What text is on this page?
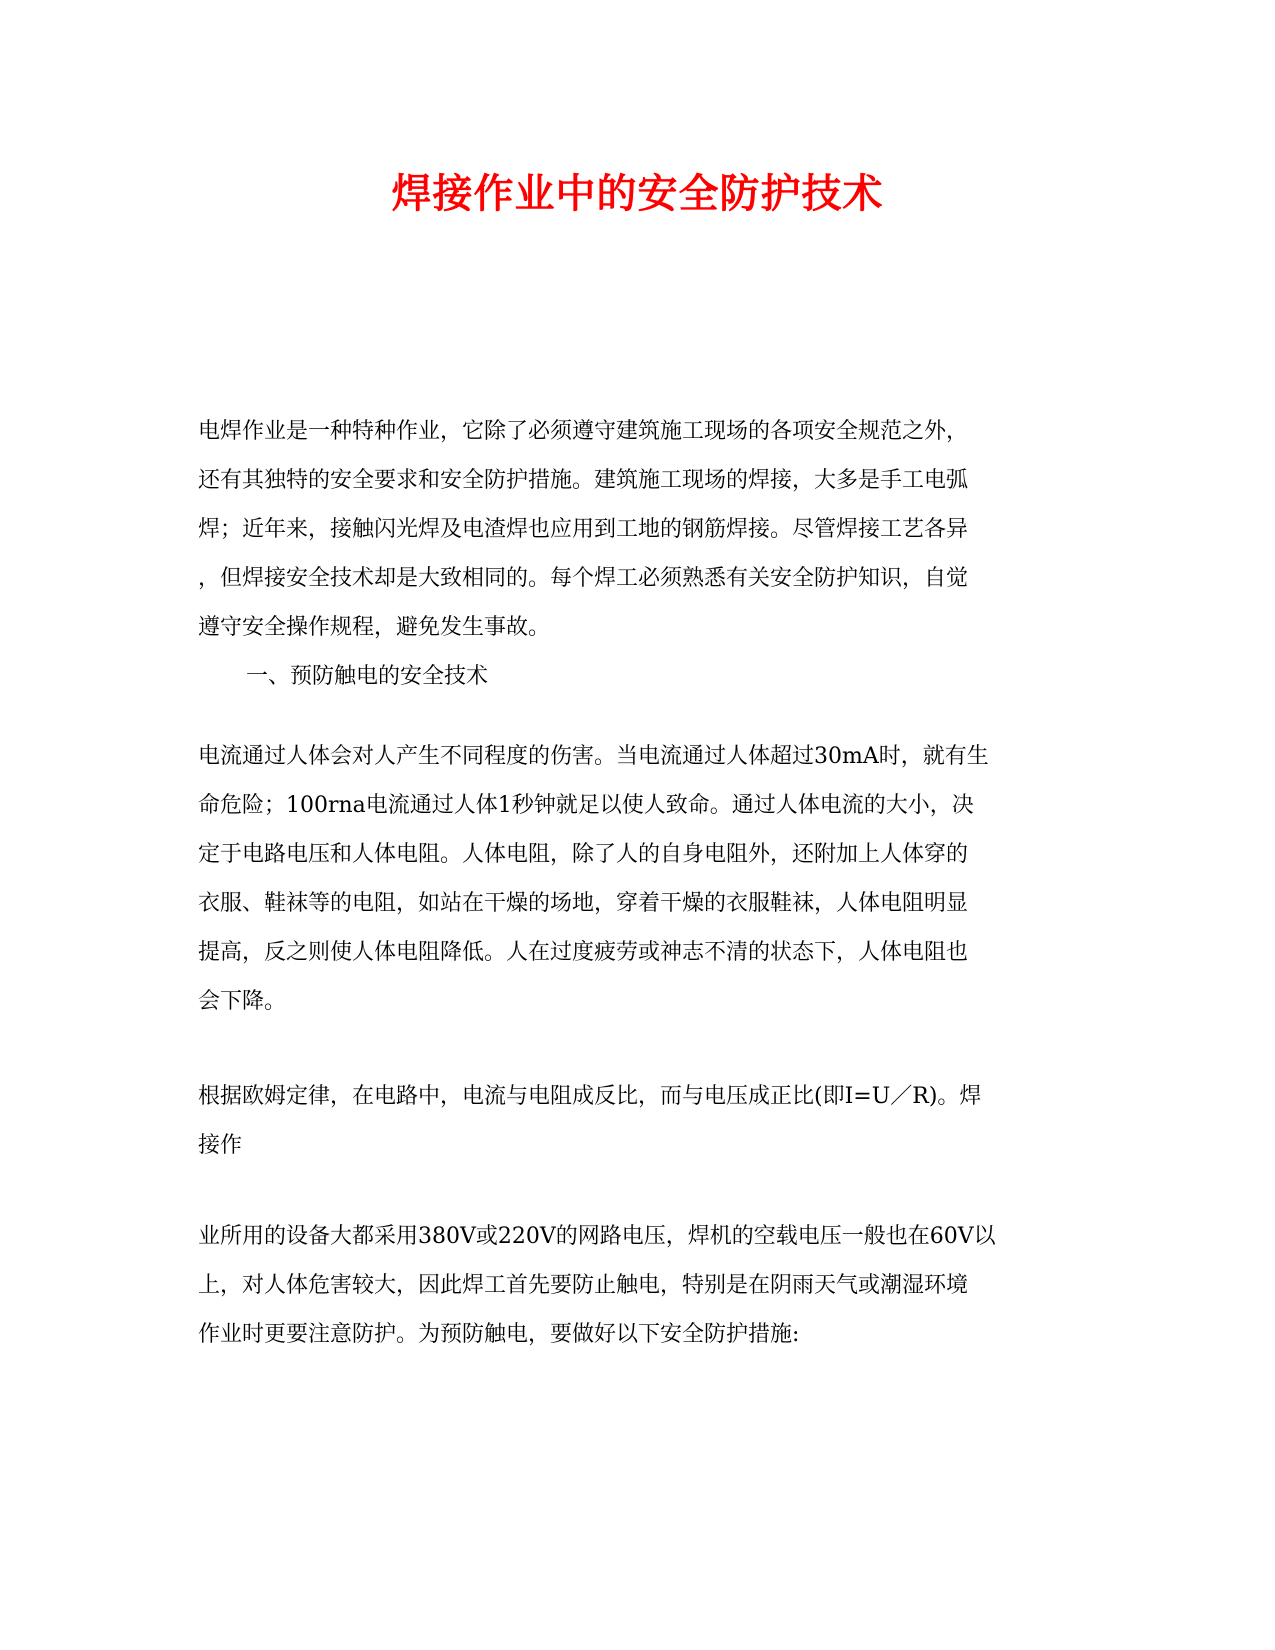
焊接作业中的安全防护技术

电焊作业是一种特种作业，它除了必须遵守建筑施工现场的各项安全规范之外，
还有其独特的安全要求和安全防护措施。建筑施工现场的焊接，大多是手工电弧
焊；近年来，接触闪光焊及电渣焊也应用到工地的钢筋焊接。尽管焊接工艺各异
，但焊接安全技术却是大致相同的。每个焊工必须熟悉有关安全防护知识，自觉
遵守安全操作规程，避免发生事故。

一、预防触电的安全技术

电流通过人体会对人产生不同程度的伤害。当电流通过人体超过30mA时，就有生
命危险；100rna电流通过人体1秒钟就足以使人致命。通过人体电流的大小，决
定于电路电压和人体电阻。人体电阻，除了人的自身电阻外，还附加上人体穿的
衣服、鞋袜等的电阻，如站在干燥的场地，穿着干燥的衣服鞋袜，人体电阻明显
提高，反之则使人体电阻降低。人在过度疲劳或神志不清的状态下，人体电阻也
会下降。

根据欧姆定律，在电路中，电流与电阻成反比，而与电压成正比(即I=U／R)。焊
接作

业所用的设备大都采用380V或220V的网路电压，焊机的空载电压一般也在60V以
上，对人体危害较大，因此焊工首先要防止触电，特别是在阴雨天气或潮湿环境
作业时更要注意防护。为预防触电，要做好以下安全防护措施:
